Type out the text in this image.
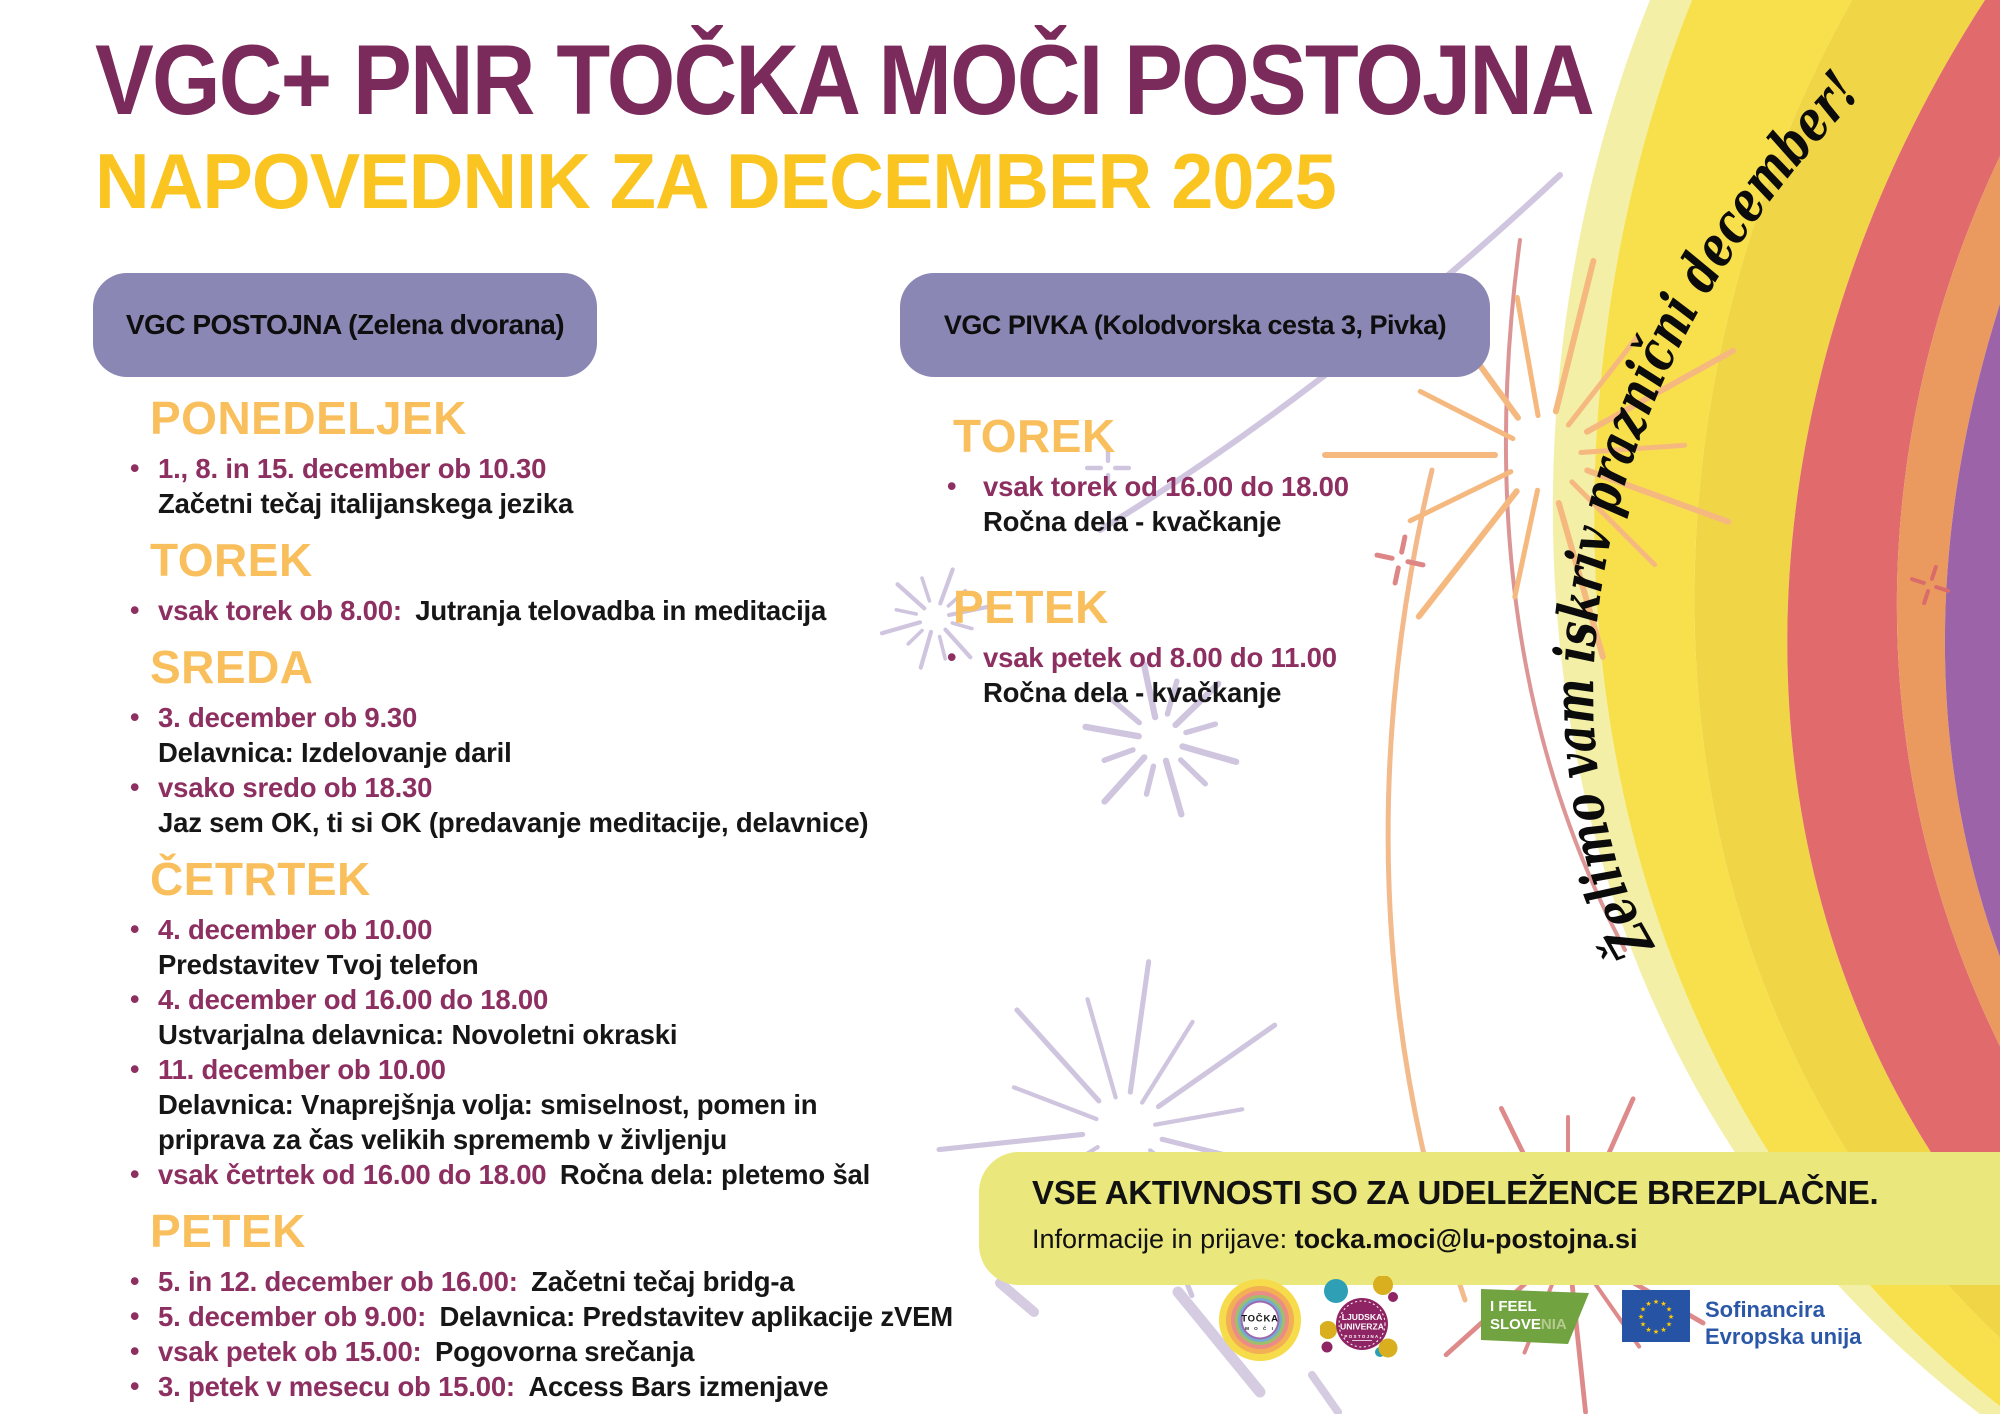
Želimo vam iskriv praznični december!
VGC+ PNR TOČKA MOČI POSTOJNA
NAPOVEDNIK ZA DECEMBER 2025
VGC POSTOJNA (Zelena dvorana)	VGC PIVKA (Kolodvorska cesta 3, Pivka)
PONEDELJEK
• 1., 8. in 15. december ob 10.30
Začetni tečaj italijanskega jezika
TOREK
• vsak torek ob 8.00: Jutranja telovadba in meditacija
SREDA
• 3. december ob 9.30
Delavnica: Izdelovanje daril
• vsako sredo ob 18.30
Jaz sem OK, ti si OK (predavanje meditacije, delavnice)
ČETRTEK
• 4. december ob 10.00
Predstavitev Tvoj telefon
• 4. december od 16.00 do 18.00
Ustvarjalna delavnica: Novoletni okraski
• 11. december ob 10.00
Delavnica: Vnaprejšnja volja: smiselnost, pomen in priprava za čas velikih sprememb v življenju
• vsak četrtek od 16.00 do 18.00 Ročna dela: pletemo šal
PETEK
• 5. in 12. december ob 16.00: Začetni tečaj bridg-a
• 5. december ob 9.00: Delavnica: Predstavitev aplikacije zVEM
• vsak petek ob 15.00: Pogovorna srečanja
• 3. petek v mesecu ob 15.00: Access Bars izmenjave
TOREK
• vsak torek od 16.00 do 18.00
Ročna dela - kvačkanje
PETEK
• vsak petek od 8.00 do 11.00
Ročna dela - kvačkanje
VSE AKTIVNOSTI SO ZA UDELEŽENCE BREZPLAČNE.
Informacije in prijave: tocka.moci@lu-postojna.si
TOČKA
M O Č I
LJUDSKA
UNIVERZA
POSTOJNA
I FEEL
SLOVENIA
★ ★
★
★
★
★
★
★
★
★
★
★ Sofinancira
Evropska unija
